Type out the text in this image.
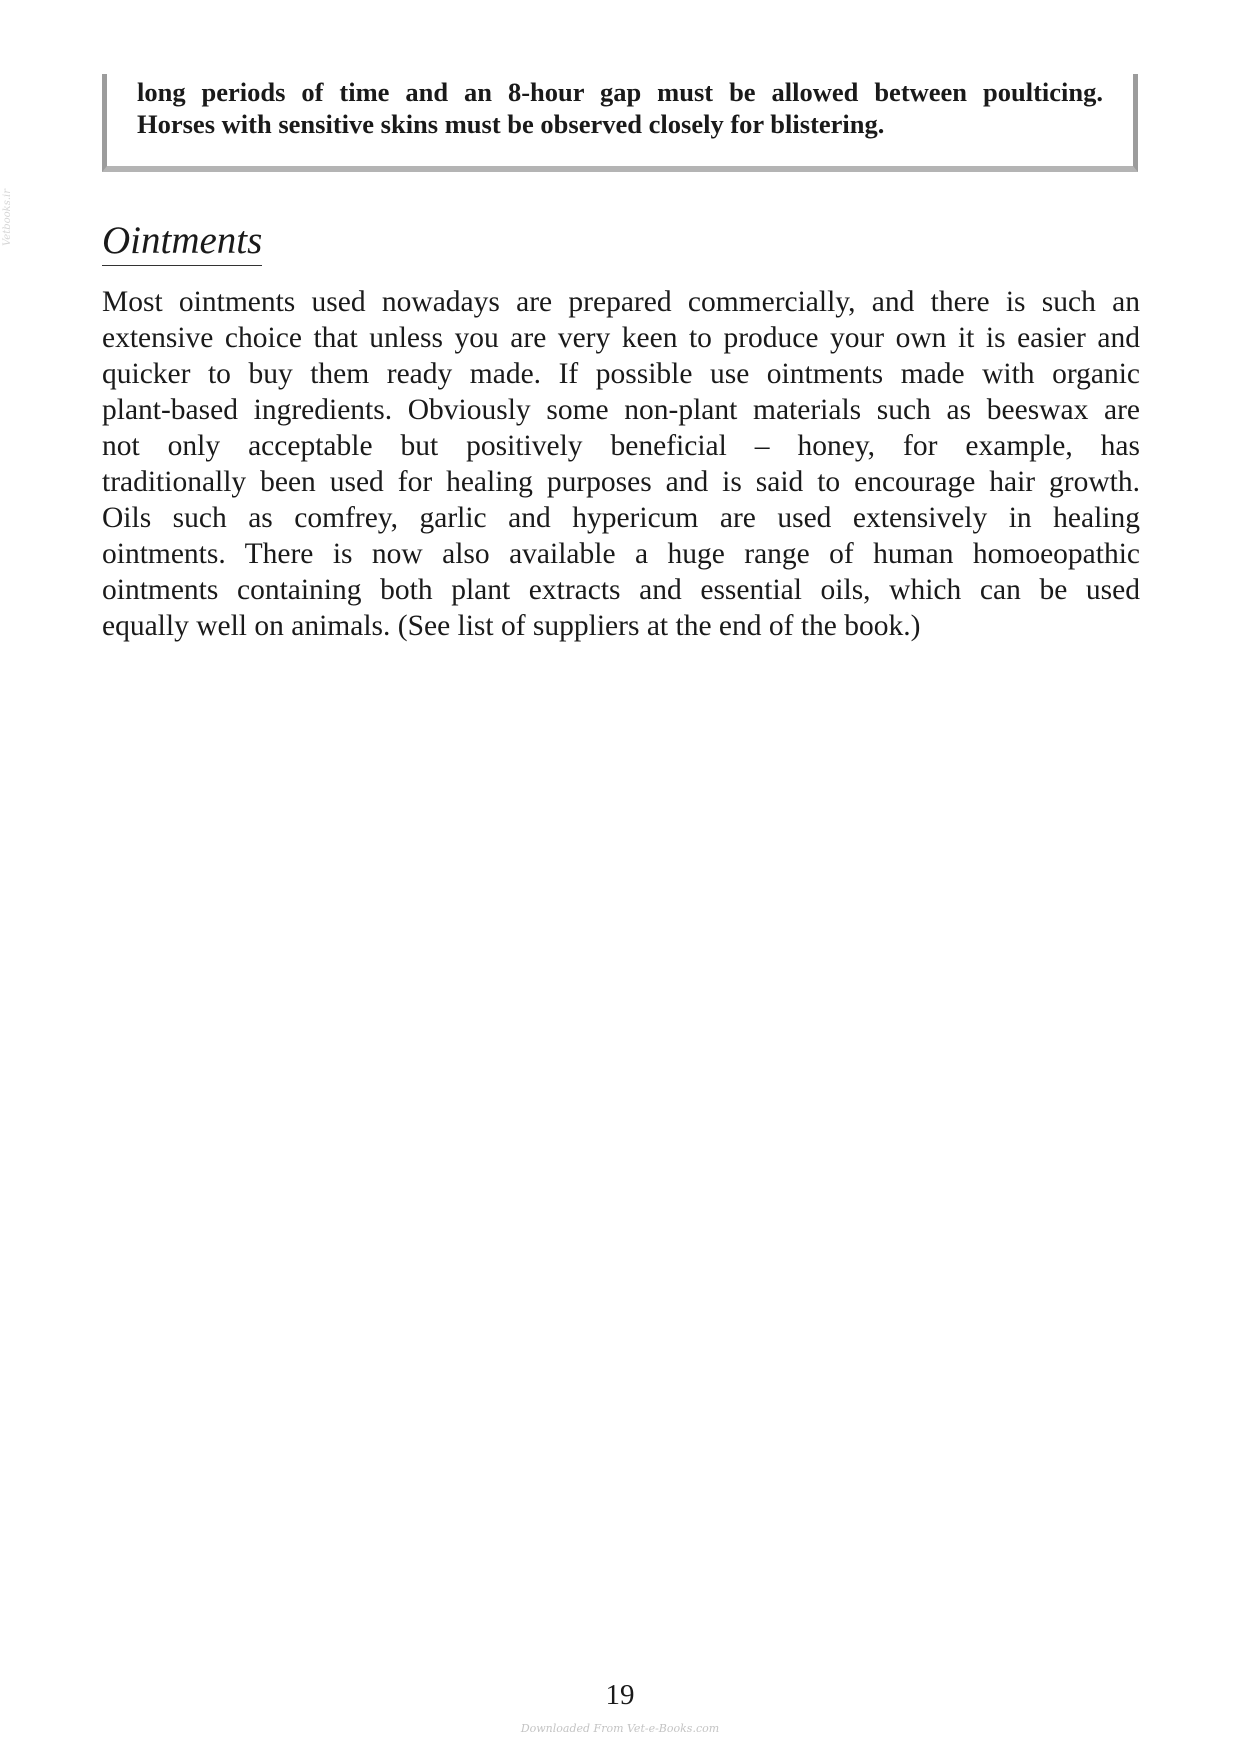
Vetbooks.ir

long periods of time and an 8-hour gap must be allowed between poulticing.
Horses with sensitive skins must be observed closely for blistering.

Ointments

Most ointments used nowadays are prepared commercially, and there is such an
extensive choice that unless you are very keen to produce your own it is easier and
quicker to buy them ready made. If possible use ointments made with organic
plant-based ingredients. Obviously some non-plant materials such as beeswax are
not only acceptable but positively beneficial – honey, for example, has
traditionally been used for healing purposes and is said to encourage hair growth.
Oils such as comfrey, garlic and hypericum are used extensively in healing
ointments. There is now also available a huge range of human homoeopathic
ointments containing both plant extracts and essential oils, which can be used
equally well on animals. (See list of suppliers at the end of the book.)

19
Downloaded From Vet-e-Books.com
